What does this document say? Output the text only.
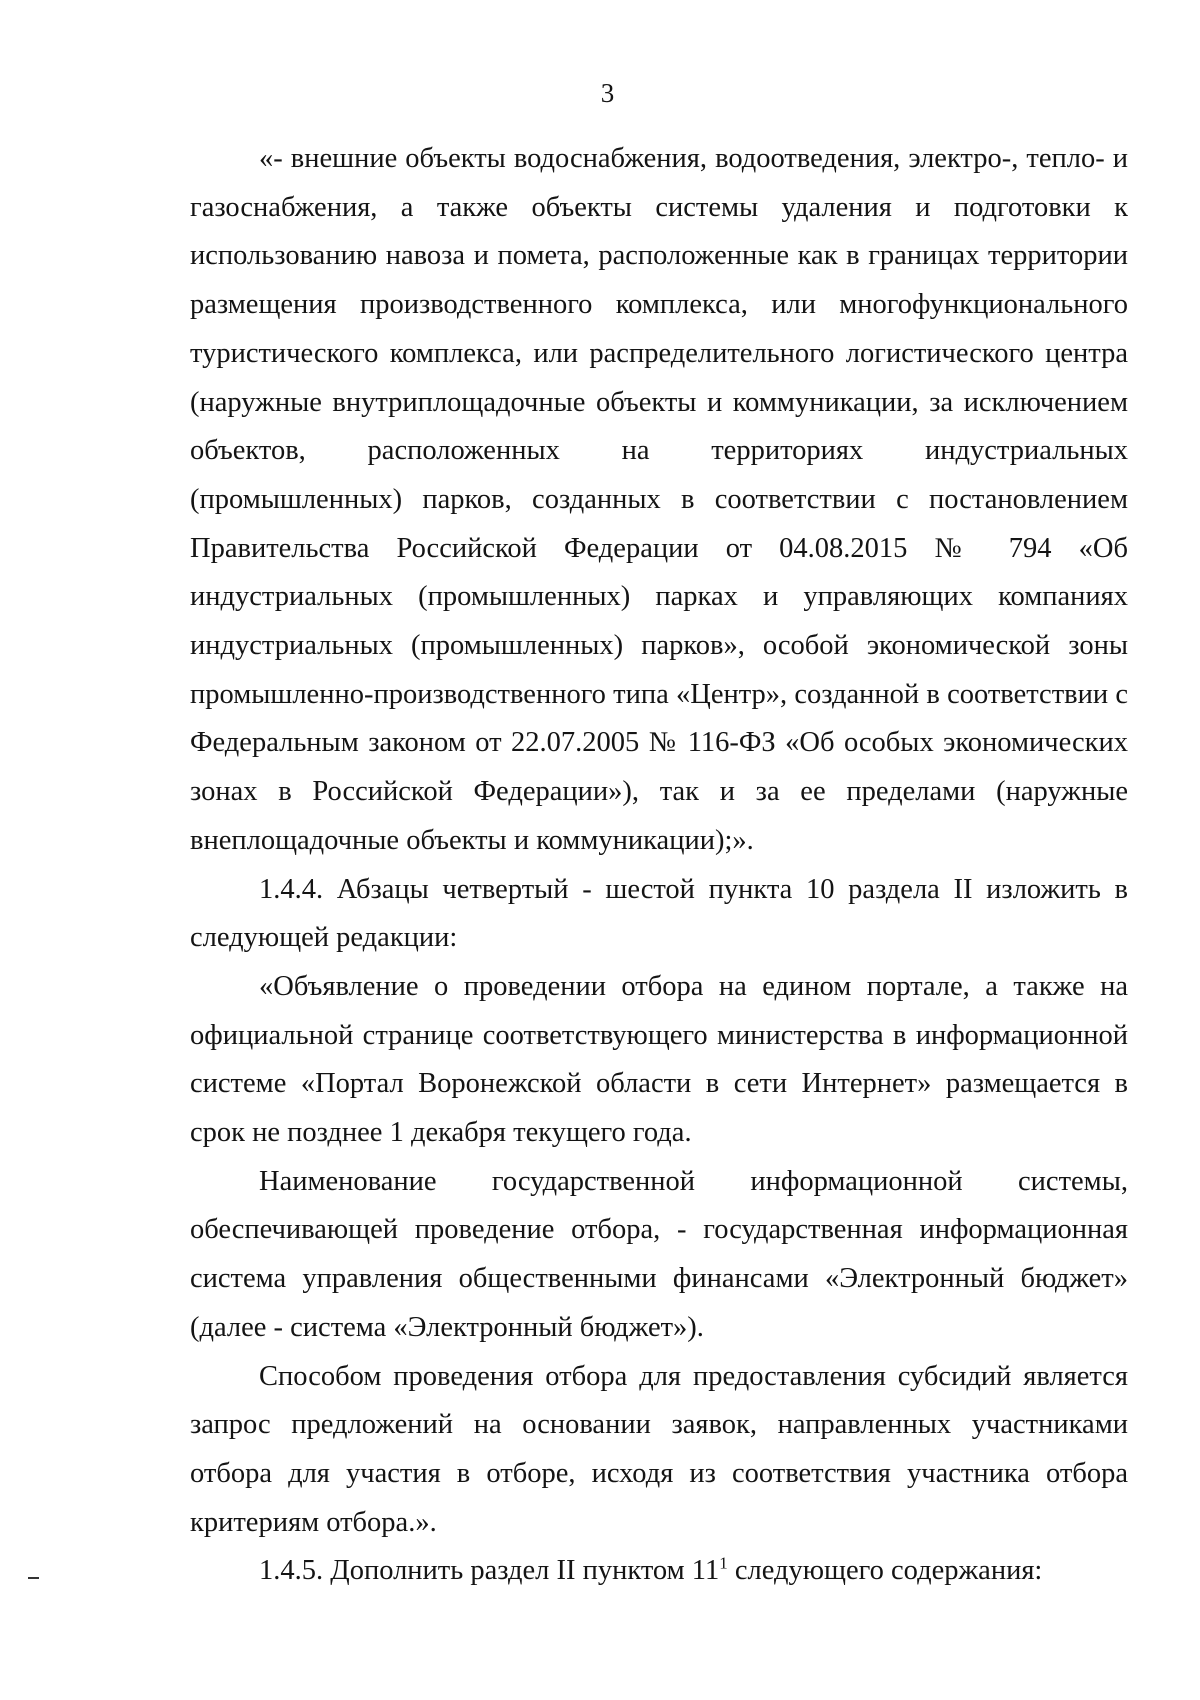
3

«- внешние объекты водоснабжения, водоотведения, электро-, тепло- и газоснабжения, а также объекты системы удаления и подготовки к использованию навоза и помета, расположенные как в границах территории размещения производственного комплекса, или многофункционального туристического комплекса, или распределительного логистического центра (наружные внутриплощадочные объекты и коммуникации, за исключением объектов, расположенных на территориях индустриальных (промышленных) парков, созданных в соответствии с постановлением Правительства Российской Федерации от 04.08.2015 № 794 «Об индустриальных (промышленных) парках и управляющих компаниях индустриальных (промышленных) парков», особой экономической зоны промышленно-производственного типа «Центр», созданной в соответствии с Федеральным законом от 22.07.2005 № 116-ФЗ «Об особых экономических зонах в Российской Федерации»), так и за ее пределами (наружные внеплощадочные объекты и коммуникации);».

1.4.4. Абзацы четвертый - шестой пункта 10 раздела II изложить в следующей редакции:

«Объявление о проведении отбора на едином портале, а также на официальной странице соответствующего министерства в информационной системе «Портал Воронежской области в сети Интернет» размещается в срок не позднее 1 декабря текущего года.

Наименование государственной информационной системы, обеспечивающей проведение отбора, - государственная информационная система управления общественными финансами «Электронный бюджет» (далее - система «Электронный бюджет»).

Способом проведения отбора для предоставления субсидий является запрос предложений на основании заявок, направленных участниками отбора для участия в отборе, исходя из соответствия участника отбора критериям отбора.».

1.4.5. Дополнить раздел II пунктом $11^1$ следующего содержания:
